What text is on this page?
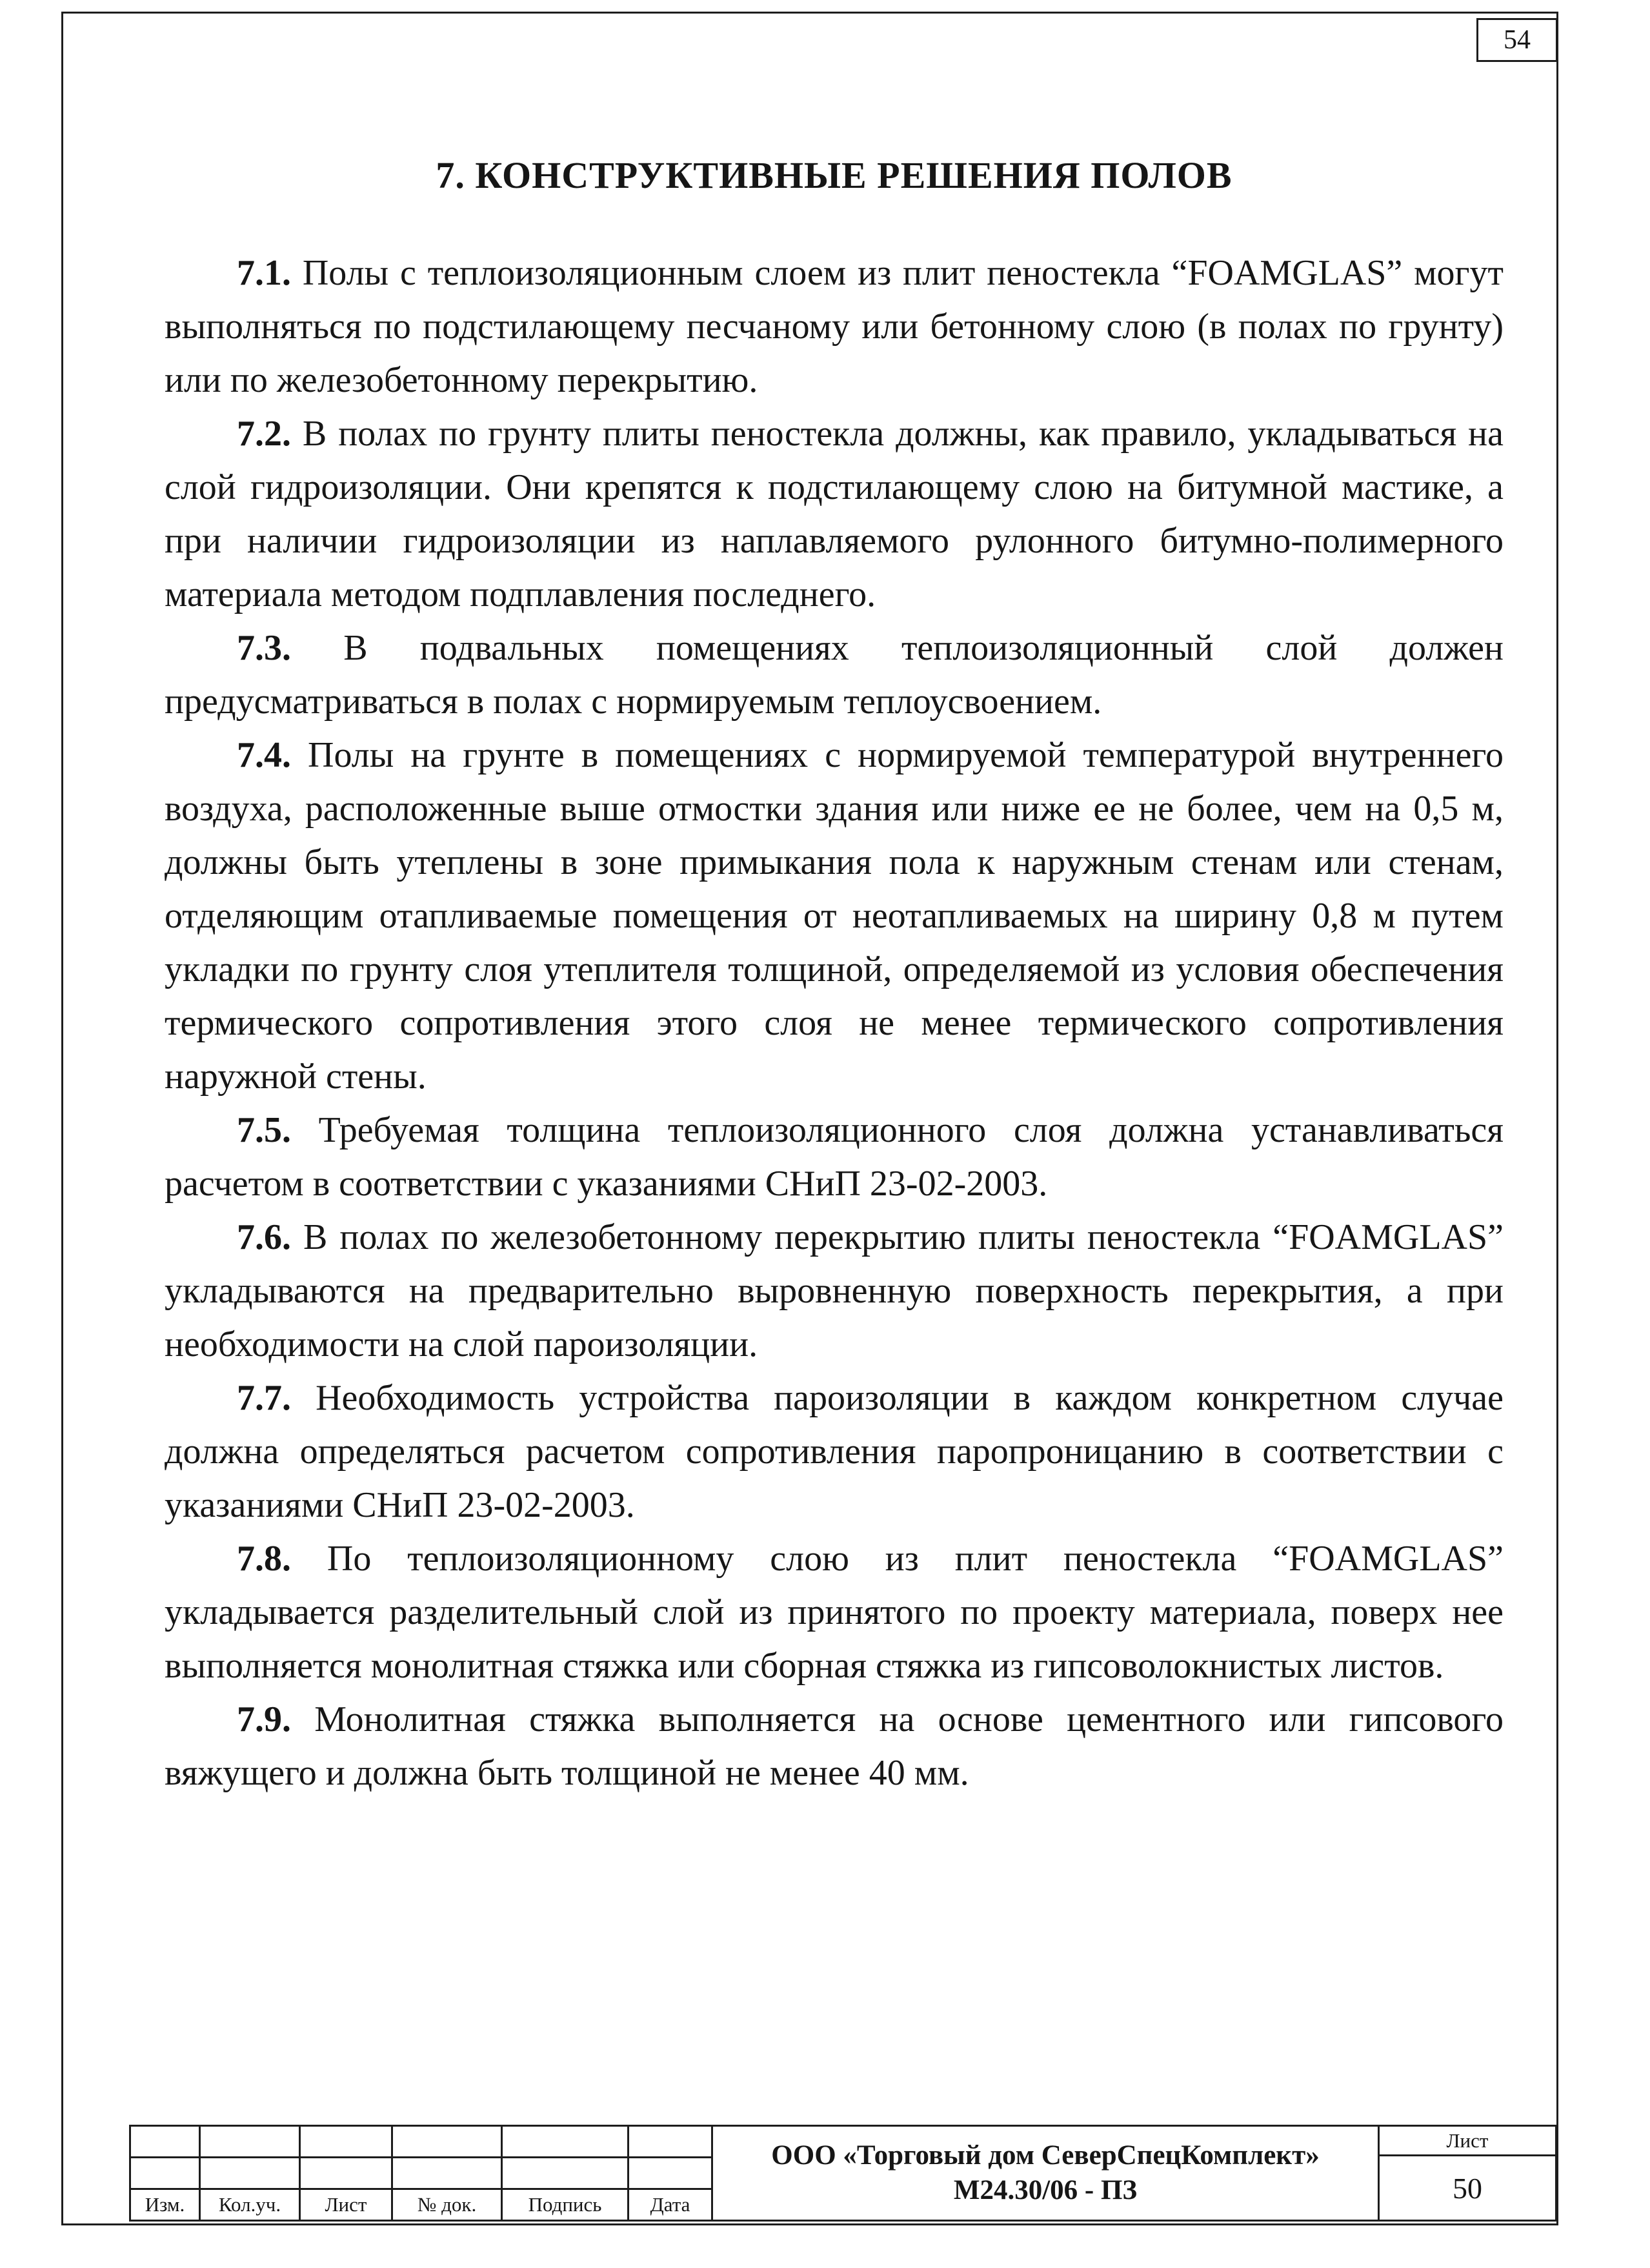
54
7. КОНСТРУКТИВНЫЕ РЕШЕНИЯ ПОЛОВ

7.1. Полы с теплоизоляционным слоем из плит пеностекла “FOAMGLAS” могут выполняться по подстилающему песчаному или бетонному слою (в полах по грунту) или по железобетонному перекрытию.

7.2. В полах по грунту плиты пеностекла должны, как правило, укладываться на слой гидроизоляции. Они крепятся к подстилающему слою на битумной мастике, а при наличии гидроизоляции из наплавляемого рулонного битумно-полимерного материала методом подплавления последнего.

7.3. В подвальных помещениях теплоизоляционный слой должен предусматриваться в полах с нормируемым теплоусвоением.

7.4. Полы на грунте в помещениях с нормируемой температурой внутреннего воздуха, расположенные выше отмостки здания или ниже ее не более, чем на 0,5 м, должны быть утеплены в зоне примыкания пола к наружным стенам или стенам, отделяющим отапливаемые помещения от неотапливаемых на ширину 0,8 м путем укладки по грунту слоя утеплителя толщиной, определяемой из условия обеспечения термического сопротивления этого слоя не менее термического сопротивления наружной стены.

7.5. Требуемая толщина теплоизоляционного слоя должна устанавливаться расчетом в соответствии с указаниями СНиП 23-02-2003.

7.6. В полах по железобетонному перекрытию плиты пеностекла “FOAMGLAS” укладываются на предварительно выровненную поверхность перекрытия, а при необходимости на слой пароизоляции.

7.7. Необходимость устройства пароизоляции в каждом конкретном случае должна определяться расчетом сопротивления паропроницанию в соответствии с указаниями СНиП 23-02-2003.

7.8. По теплоизоляционному слою из плит пеностекла “FOAMGLAS” укладывается разделительный слой из принятого по проекту материала, поверх нее выполняется монолитная стяжка или сборная стяжка из гипсоволокнистых листов.

7.9. Монолитная стяжка выполняется на основе цементного или гипсового вяжущего и должна быть толщиной не менее 40 мм.

Изм.	Кол.уч.	Лист	№ док.	Подпись	Дата
ООО «Торговый дом СеверСпецКомплект»
М24.30/06 - ПЗ
Лист
50
